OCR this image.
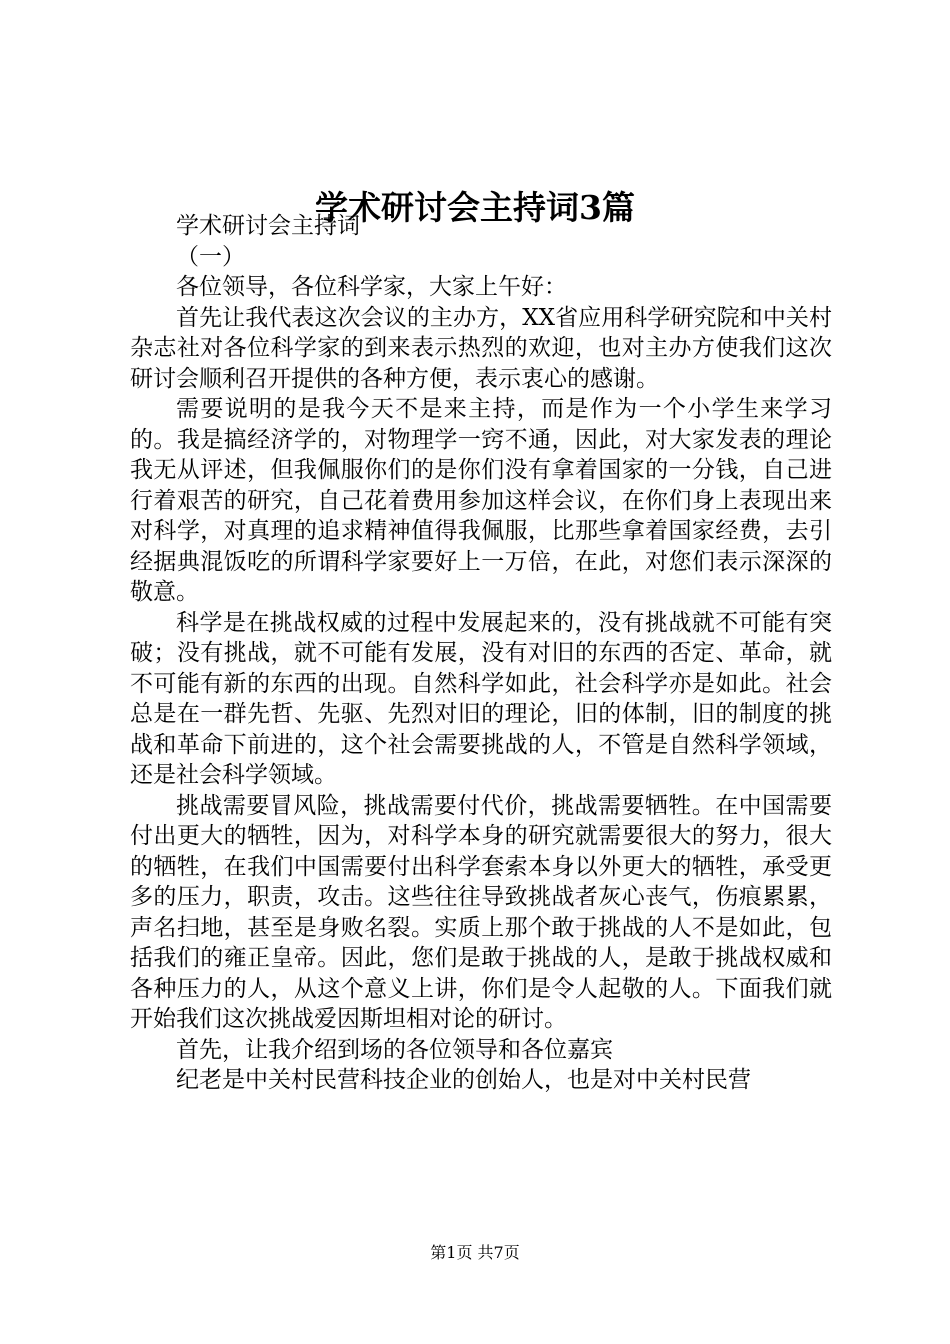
学术研讨会主持词3篇

学术研讨会主持词

（一）

各位领导，各位科学家，大家上午好：

首先让我代表这次会议的主办方，XX省应用科学研究院和中关村杂志社对各位科学家的到来表示热烈的欢迎，也对主办方使我们这次研讨会顺利召开提供的各种方便，表示衷心的感谢。

需要说明的是我今天不是来主持，而是作为一个小学生来学习的。我是搞经济学的，对物理学一窍不通，因此，对大家发表的理论我无从评述，但我佩服你们的是你们没有拿着国家的一分钱，自己进行着艰苦的研究，自己花着费用参加这样会议，在你们身上表现出来对科学，对真理的追求精神值得我佩服，比那些拿着国家经费，去引经据典混饭吃的所谓科学家要好上一万倍，在此，对您们表示深深的敬意。

科学是在挑战权威的过程中发展起来的，没有挑战就不可能有突破；没有挑战，就不可能有发展，没有对旧的东西的否定、革命，就不可能有新的东西的出现。自然科学如此，社会科学亦是如此。社会总是在一群先哲、先驱、先烈对旧的理论，旧的体制，旧的制度的挑战和革命下前进的，这个社会需要挑战的人，不管是自然科学领域，还是社会科学领域。

挑战需要冒风险，挑战需要付代价，挑战需要牺牲。在中国需要付出更大的牺牲，因为，对科学本身的研究就需要很大的努力，很大的牺牲，在我们中国需要付出科学套索本身以外更大的牺牲，承受更多的压力，职责，攻击。这些往往导致挑战者灰心丧气，伤痕累累，声名扫地，甚至是身败名裂。实质上那个敢于挑战的人不是如此，包括我们的雍正皇帝。因此，您们是敢于挑战的人，是敢于挑战权威和各种压力的人，从这个意义上讲，你们是令人起敬的人。下面我们就开始我们这次挑战爱因斯坦相对论的研讨。

首先，让我介绍到场的各位领导和各位嘉宾

纪老是中关村民营科技企业的创始人，也是对中关村民营

第1页 共7页
